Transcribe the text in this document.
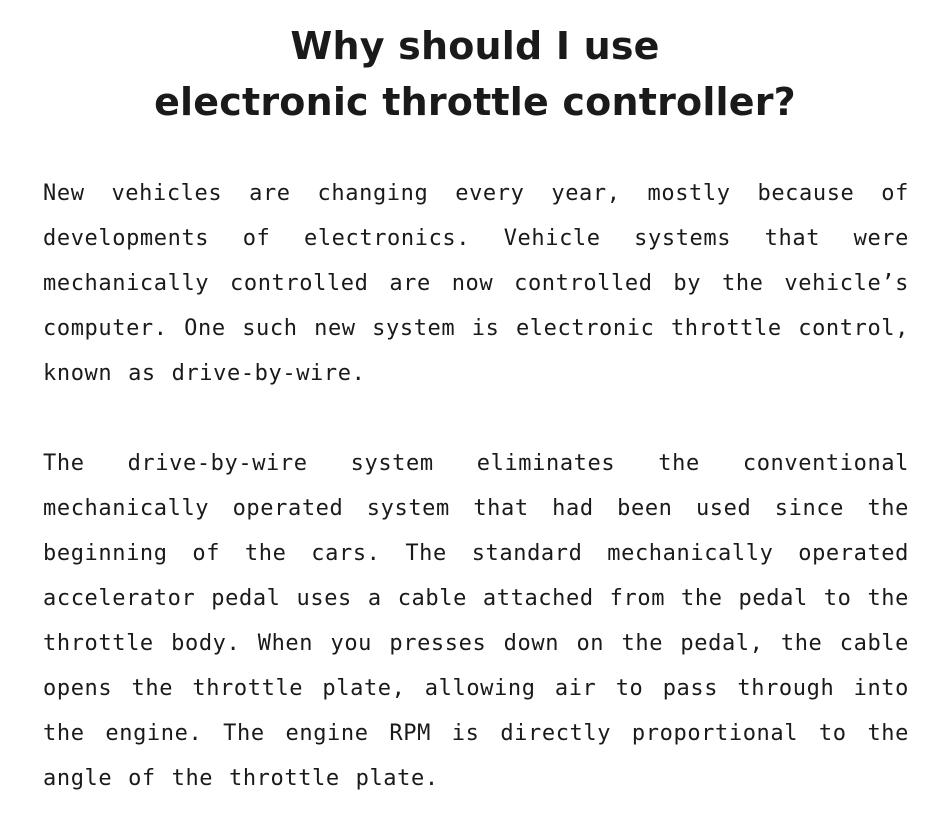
Why should I use
electronic throttle controller?

New vehicles are changing every year, mostly because of developments of electronics. Vehicle systems that were mechanically controlled are now controlled by the vehicle’s computer. One such new system is electronic throttle control, known as drive-by-wire.

The drive-by-wire system eliminates the conventional mechanically operated system that had been used since the beginning of the cars. The standard mechanically operated accelerator pedal uses a cable attached from the pedal to the throttle body. When you presses down on the pedal, the cable opens the throttle plate, allowing air to pass through into the engine. The engine RPM is directly proportional to the angle of the throttle plate.
